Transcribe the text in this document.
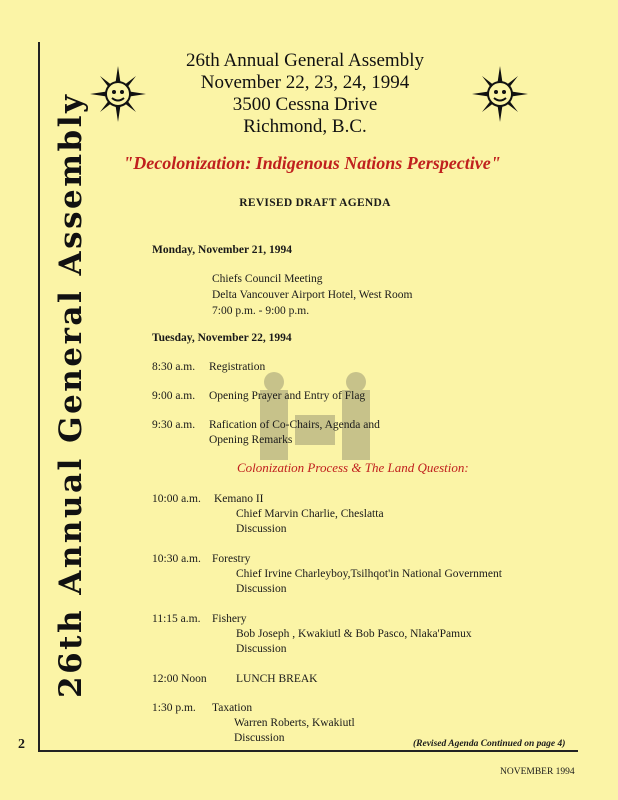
26th Annual General Assembly
26th Annual General Assembly
November 22, 23, 24, 1994
3500 Cessna Drive
Richmond, B.C.
"Decolonization: Indigenous Nations Perspective"
REVISED DRAFT AGENDA
Monday, November 21, 1994
Chiefs Council Meeting
Delta Vancouver Airport Hotel, West Room
7:00 p.m. - 9:00 p.m.
Tuesday, November 22, 1994
8:30 a.m. Registration
9:00 a.m. Opening Prayer and Entry of Flag
9:30 a.m. Rafication of Co-Chairs, Agenda and
Opening Remarks
Colonization Process & The Land Question:
10:00 a.m. Kemano II
Chief Marvin Charlie, Cheslatta
Discussion
10:30 a.m. Forestry
Chief Irvine Charleyboy,Tsilhqot'in National Government
Discussion
11:15 a.m. Fishery
Bob Joseph , Kwakiutl & Bob Pasco, Nlaka'Pamux
Discussion
12:00 Noon	LUNCH BREAK
1:30 p.m. Taxation
Warren Roberts, Kwakiutl
Discussion
2	(Revised Agenda Continued on page 4)
NOVEMBER 1994
